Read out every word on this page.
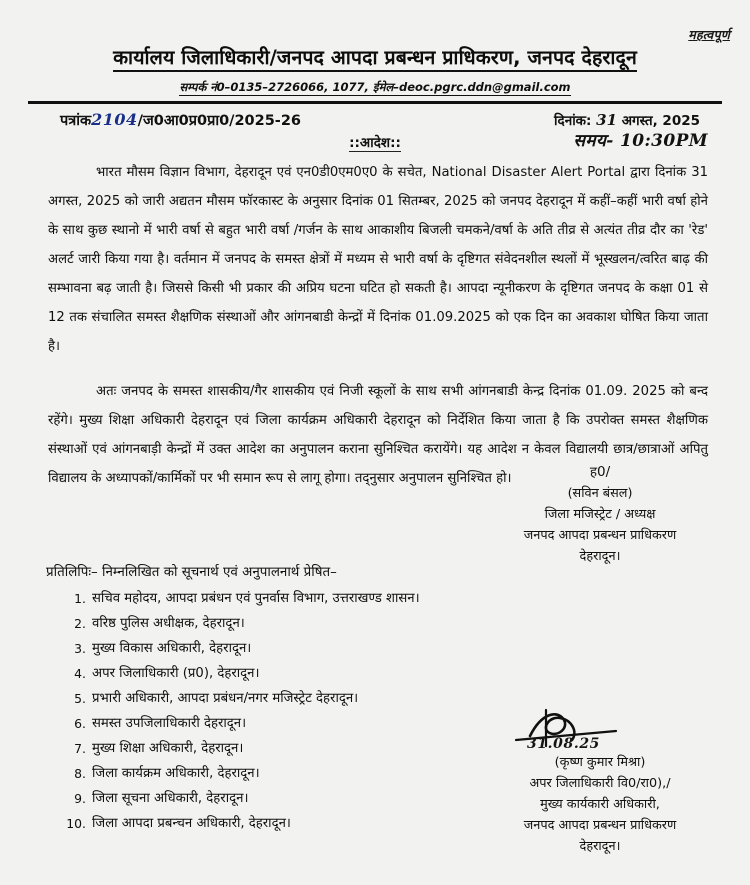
महत्वपूर्ण
कार्यालय जिलाधिकारी/जनपद आपदा प्रबन्धन प्राधिकरण, जनपद देहरादून
सम्पर्क नं0–0135–2726066, 1077, ईमेल–deoc.pgrc.ddn@gmail.com
पत्रांक2104/ज0आ0प्र0प्रा0/2025-26	दिनांक: 31 अगस्त, 2025
::आदेश::	समय- 10:30PM

भारत मौसम विज्ञान विभाग, देहरादून एवं एन0डी0एम0ए0 के सचेत, National Disaster Alert Portal द्वारा दिनांक 31 अगस्त, 2025 को जारी अद्यतन मौसम फॉरकास्ट के अनुसार दिनांक 01 सितम्बर, 2025 को जनपद देहरादून में कहीं–कहीं भारी वर्षा होने के साथ कुछ स्थानो में भारी वर्षा से बहुत भारी वर्षा /गर्जन के साथ आकाशीय बिजली चमकने/वर्षा के अति तीव्र से अत्यंत तीव्र दौर का 'रेड' अलर्ट जारी किया गया है। वर्तमान में जनपद के समस्त क्षेत्रों में मध्यम से भारी वर्षा के दृष्टिगत संवेदनशील स्थलों में भूस्खलन/त्वरित बाढ़ की सम्भावना बढ़ जाती है। जिससे किसी भी प्रकार की अप्रिय घटना घटित हो सकती है। आपदा न्यूनीकरण के दृष्टिगत जनपद के कक्षा 01 से 12 तक संचालित समस्त शैक्षणिक संस्थाओं और आंगनबाडी केन्द्रों में दिनांक 01.09.2025 को एक दिन का अवकाश घोषित किया जाता है।

अतः जनपद के समस्त शासकीय/गैर शासकीय एवं निजी स्कूलों के साथ सभी आंगनबाडी केन्द्र दिनांक 01.09. 2025 को बन्द रहेंगे। मुख्य शिक्षा अधिकारी देहरादून एवं जिला कार्यक्रम अधिकारी देहरादून को निर्देशित किया जाता है कि उपरोक्त समस्त शैक्षणिक संस्थाओं एवं आंगनबाड़ी केन्द्रों में उक्त आदेश का अनुपालन कराना सुनिश्चित करायेंगे। यह आदेश न केवल विद्यालयी छात्र/छात्राओं अपितु विद्यालय के अध्यापकों/कार्मिकों पर भी समान रूप से लागू होगा। तद्नुसार अनुपालन सुनिश्चित हो।	ह0/
(सविन बंसल)
जिला मजिस्ट्रेट / अध्यक्ष
जनपद आपदा प्रबन्धन प्राधिकरण
देहरादून।
प्रतिलिपिः– निम्नलिखित को सूचनार्थ एवं अनुपालनार्थ प्रेषित–
1. सचिव महोदय, आपदा प्रबंधन एवं पुनर्वास विभाग, उत्तराखण्ड शासन।
2. वरिष्ठ पुलिस अधीक्षक, देहरादून।
3. मुख्य विकास अधिकारी, देहरादून।
4. अपर जिलाधिकारी (प्र0), देहरादून।
5. प्रभारी अधिकारी, आपदा प्रबंधन/नगर मजिस्ट्रेट देहरादून।
6. समस्त उपजिलाधिकारी देहरादून।
7. मुख्य शिक्षा अधिकारी, देहरादून।
8. जिला कार्यक्रम अधिकारी, देहरादून।
9. जिला सूचना अधिकारी, देहरादून।
10. जिला आपदा प्रबन्चन अधिकारी, देहरादून।
31.08.25
(कृष्ण कुमार मिश्रा)
अपर जिलाधिकारी वि0/रा0),/
मुख्य कार्यकारी अधिकारी,
जनपद आपदा प्रबन्धन प्राधिकरण
देहरादून।
